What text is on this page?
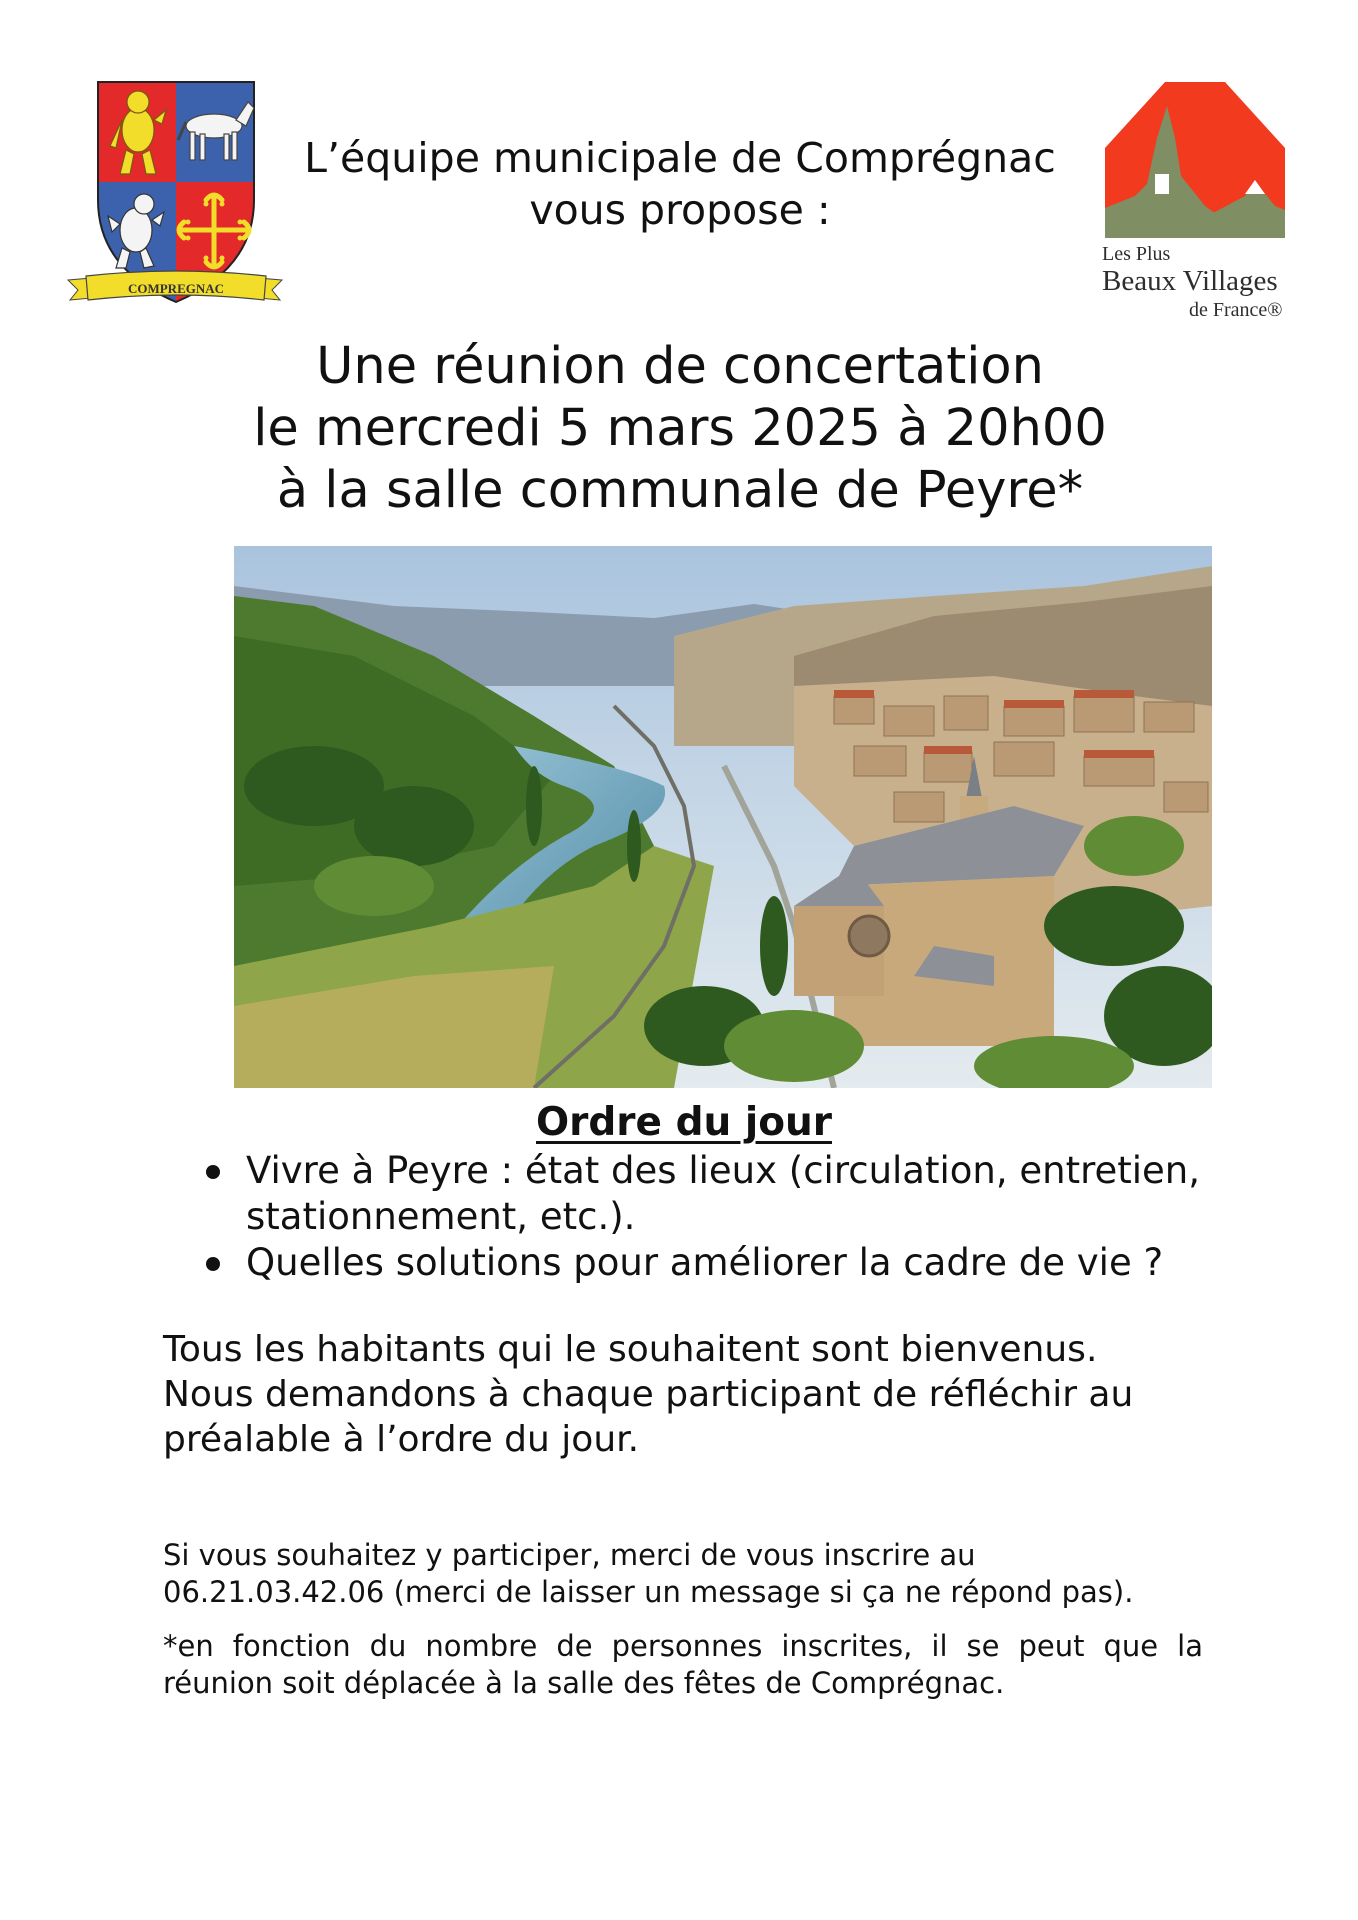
COMPREGNAC
L’équipe municipale de Comprégnac
vous propose :
Les Plus
Beaux Villages
de France®
Une réunion de concertation
le mercredi 5 mars 2025 à 20h00
à la salle communale de Peyre*
Ordre du jour
Vivre à Peyre : état des lieux (circulation, entretien, stationnement, etc.).
Quelles solutions pour améliorer la cadre de vie ?
Tous les habitants qui le souhaitent sont bienvenus.
Nous demandons à chaque participant de réfléchir au
préalable à l’ordre du jour.
Si vous souhaitez y participer, merci de vous inscrire au
06.21.03.42.06 (merci de laisser un message si ça ne répond pas).
*en fonction du nombre de personnes inscrites, il se peut que la réunion soit déplacée à la salle des fêtes de Comprégnac.
